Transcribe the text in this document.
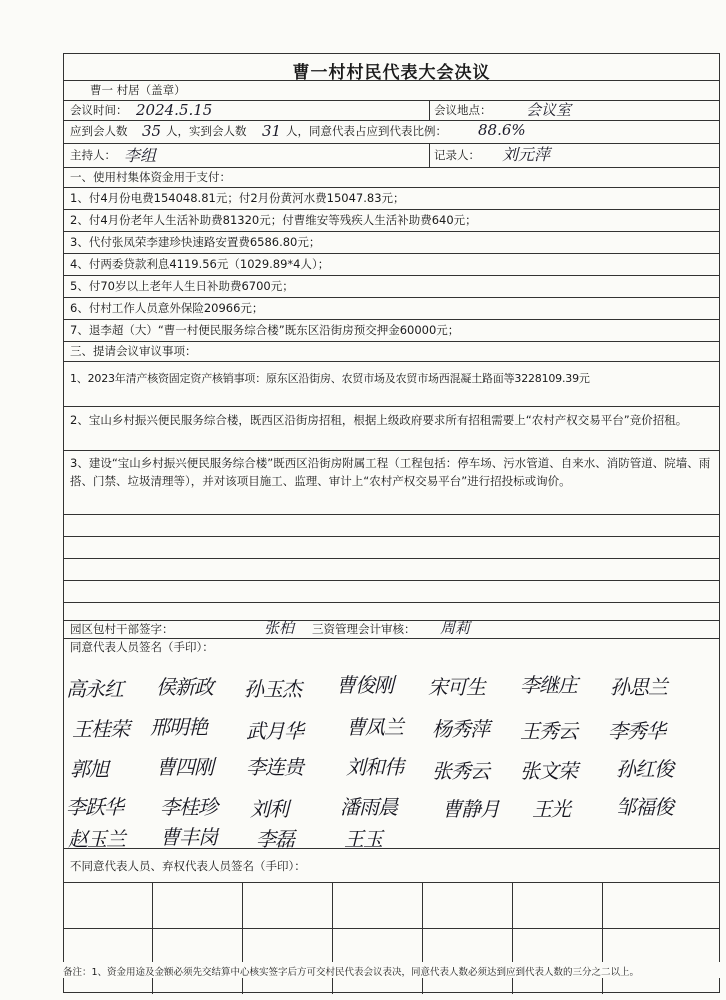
曹一村村民代表大会决议
曹一 村居（盖章）
会议时间： 2024.5.15	会议地点： 会议室
应到会人数 35 人，实到会人数 31 人，同意代表占应到代表比例： 88.6%
主持人： 李组	记录人： 刘元萍
一、使用村集体资金用于支付：
1、付4月份电费154048.81元；付2月份黄河水费15047.83元；
2、付4月份老年人生活补助费81320元；付曹维安等残疾人生活补助费640元；
3、代付张凤荣李建珍快速路安置费6586.80元；
4、付两委贷款利息4119.56元（1029.89*4人）；
5、付70岁以上老年人生日补助费6700元；
6、付村工作人员意外保险20966元；
7、退李超（大）“曹一村便民服务综合楼”既东区沿街房预交押金60000元；
三、提请会议审议事项：
1、2023年清产核资固定资产核销事项：原东区沿街房、农贸市场及农贸市场西混凝土路面等3228109.39元
2、宝山乡村振兴便民服务综合楼，既西区沿街房招租，根据上级政府要求所有招租需要上“农村产权交易平台”竞价招租。
3、建设“宝山乡村振兴便民服务综合楼”既西区沿街房附属工程（工程包括：停车场、污水管道、自来水、消防管道、院墙、雨搭、门禁、垃圾清理等），并对该项目施工、监理、审计上“农村产权交易平台”进行招投标或询价。
园区包村干部签字：	张柏 三资管理会计审核： 周莉
同意代表人员签名（手印）：
高永红 侯新政 孙玉杰 曹俊刚 宋可生 李继庄 孙思兰
王桂荣 邢明艳 武月华 曹凤兰 杨秀萍 王秀云 李秀华
郭旭 曹四刚 李连贵 刘和伟 张秀云 张文荣 孙红俊
李跃华 李桂珍 刘利	潘雨晨 曹静月 王光 邹福俊
赵玉兰 曹丰岗 李磊	王玉
不同意代表人员、弃权代表人员签名（手印）：
备注：1、资金用途及金额必须先交结算中心核实签字后方可交村民代表会议表决，同意代表人数必须达到应到代表人数的三分之二以上。
